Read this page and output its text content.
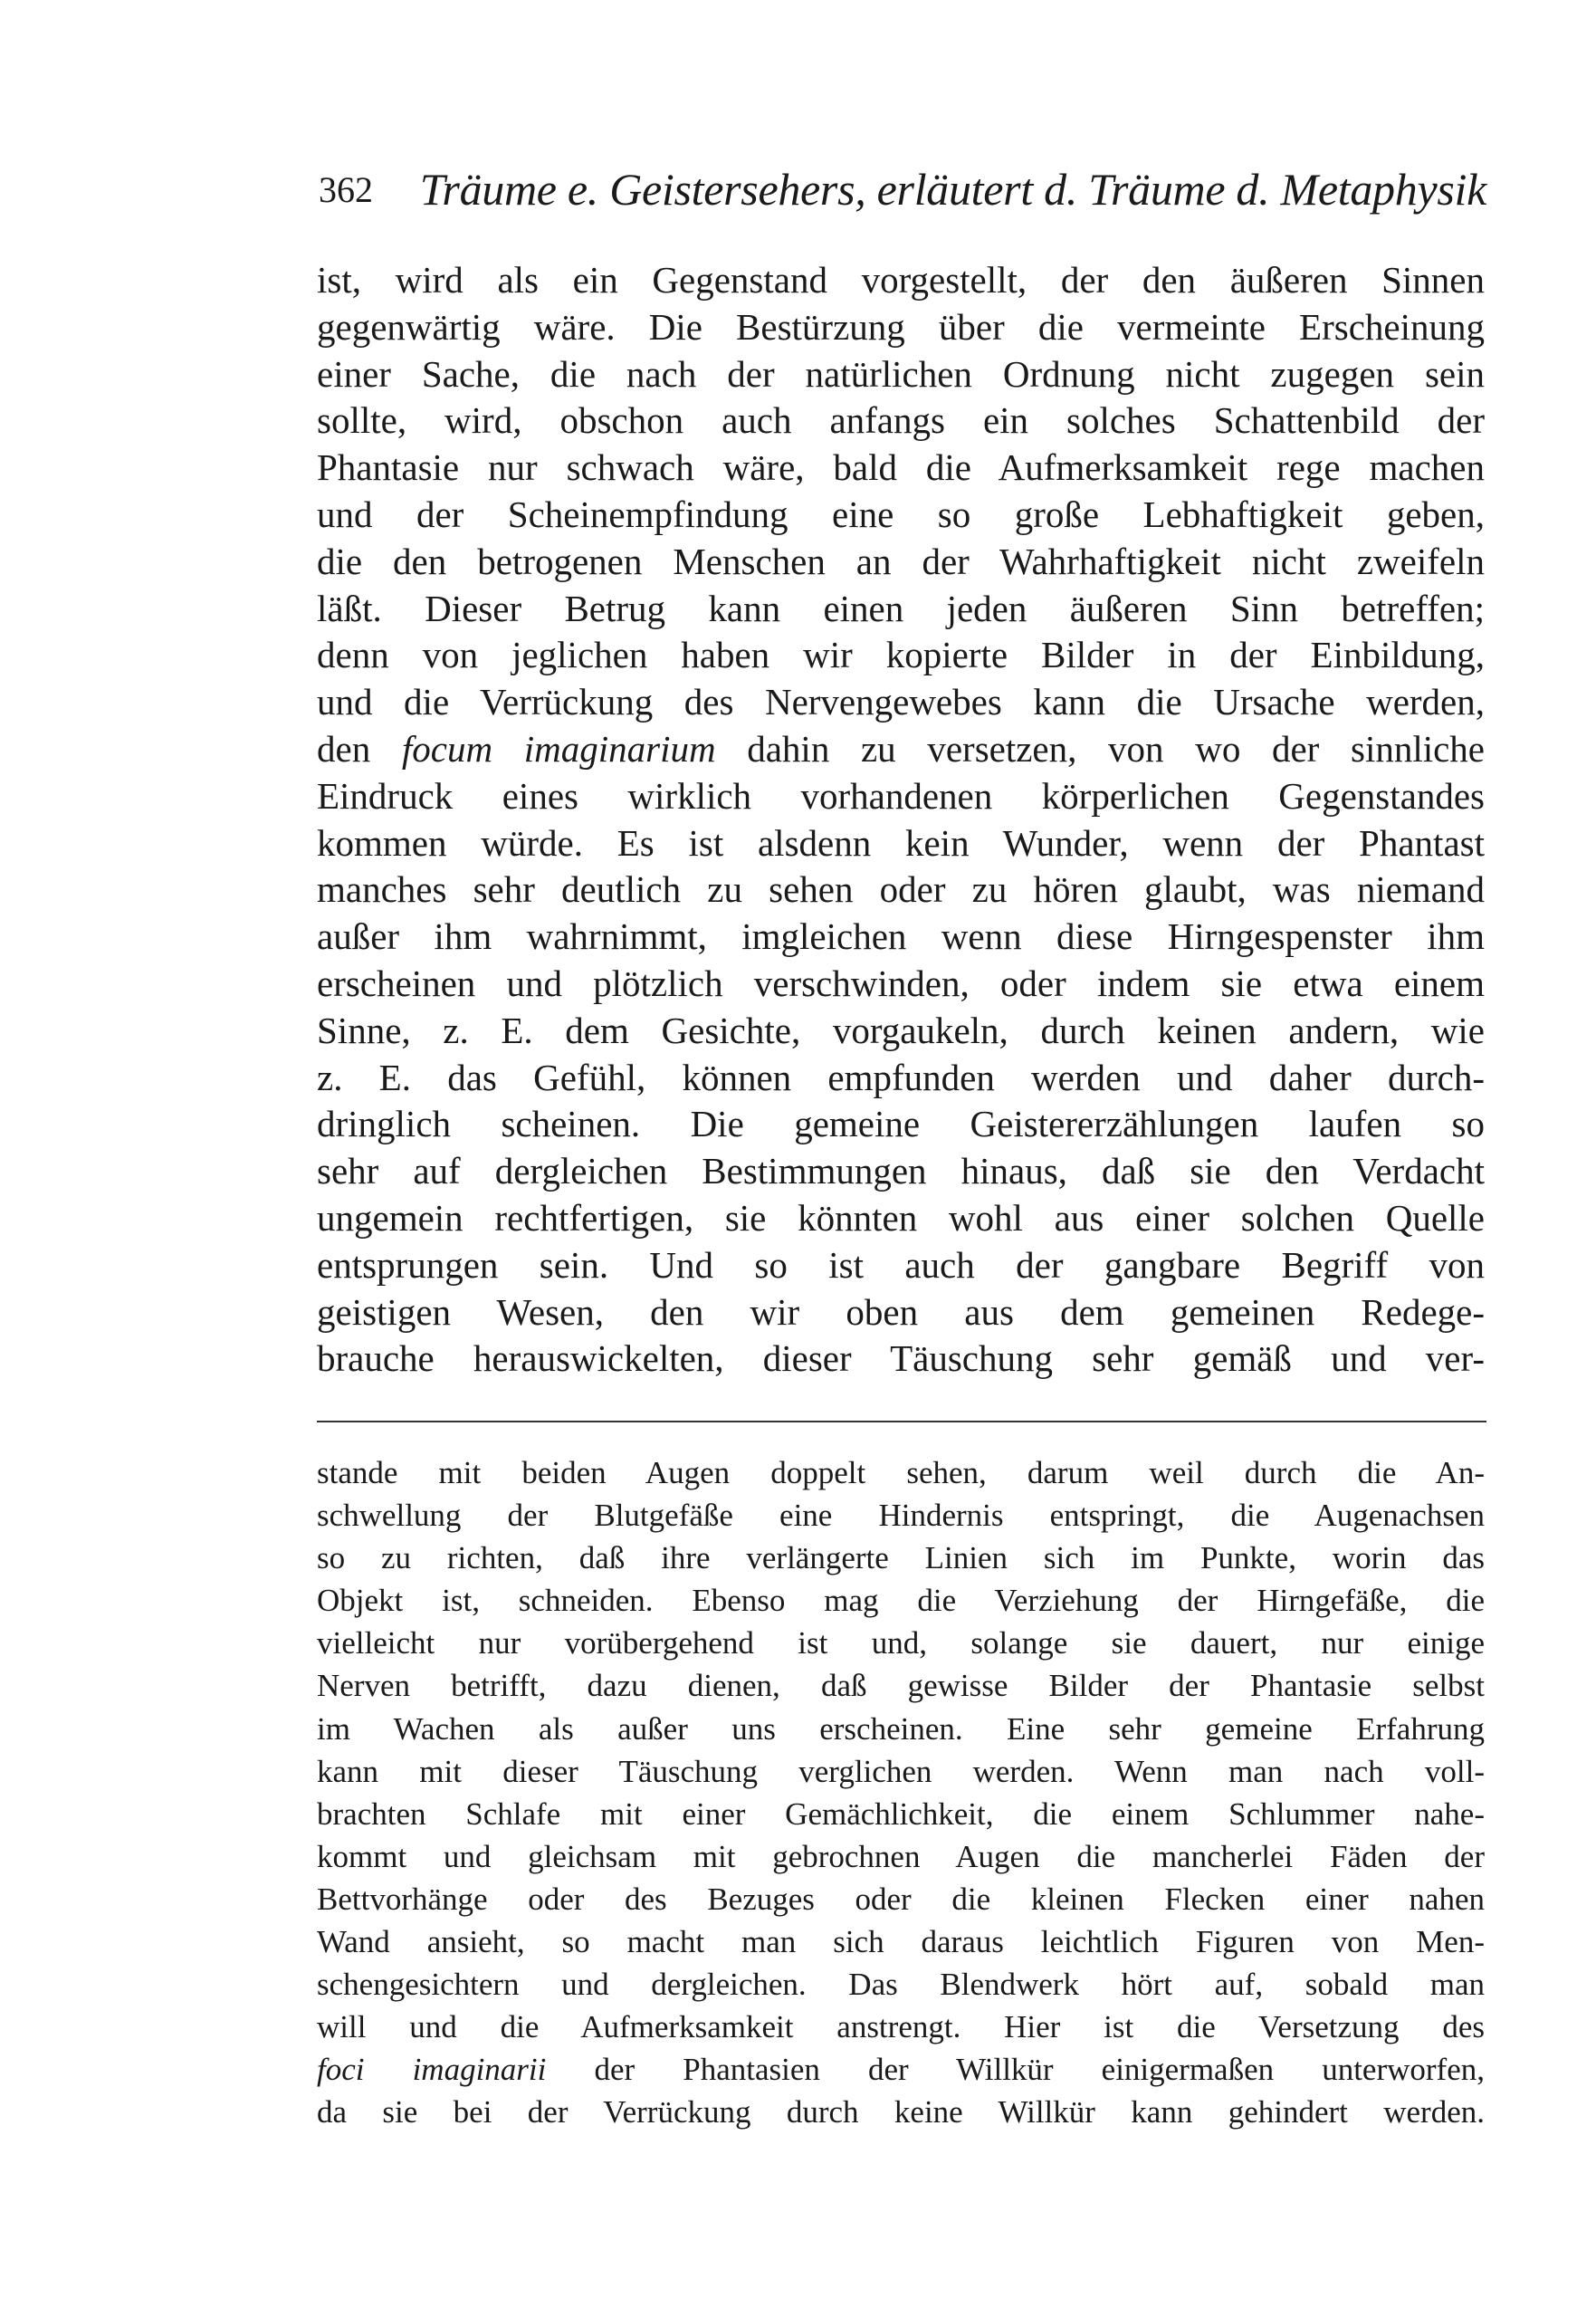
362	Träume e. Geistersehers, erläutert d. Träume d. Metaphysik
ist, wird als ein Gegenstand vorgestellt, der den äußeren Sinnen
gegenwärtig wäre. Die Bestürzung über die vermeinte Erscheinung
einer Sache, die nach der natürlichen Ordnung nicht zugegen sein
sollte, wird, obschon auch anfangs ein solches Schattenbild der
Phantasie nur schwach wäre, bald die Aufmerksamkeit rege machen
und der Scheinempfindung eine so große Lebhaftigkeit geben,
die den betrogenen Menschen an der Wahrhaftigkeit nicht zweifeln
läßt. Dieser Betrug kann einen jeden äußeren Sinn betreffen;
denn von jeglichen haben wir kopierte Bilder in der Einbildung,
und die Verrückung des Nervengewebes kann die Ursache werden,
den focum imaginarium dahin zu versetzen, von wo der sinnliche
Eindruck eines wirklich vorhandenen körperlichen Gegenstandes
kommen würde. Es ist alsdenn kein Wunder, wenn der Phantast
manches sehr deutlich zu sehen oder zu hören glaubt, was niemand
außer ihm wahrnimmt, imgleichen wenn diese Hirngespenster ihm
erscheinen und plötzlich verschwinden, oder indem sie etwa einem
Sinne, z. E. dem Gesichte, vorgaukeln, durch keinen andern, wie
z. E. das Gefühl, können empfunden werden und daher durch-
dringlich scheinen. Die gemeine Geistererzählungen laufen so
sehr auf dergleichen Bestimmungen hinaus, daß sie den Verdacht
ungemein rechtfertigen, sie könnten wohl aus einer solchen Quelle
entsprungen sein. Und so ist auch der gangbare Begriff von
geistigen Wesen, den wir oben aus dem gemeinen Redege-
brauche herauswickelten, dieser Täuschung sehr gemäß und ver-
stande mit beiden Augen doppelt sehen, darum weil durch die An-
schwellung der Blutgefäße eine Hindernis entspringt, die Augenachsen
so zu richten, daß ihre verlängerte Linien sich im Punkte, worin das
Objekt ist, schneiden. Ebenso mag die Verziehung der Hirngefäße, die
vielleicht nur vorübergehend ist und, solange sie dauert, nur einige
Nerven betrifft, dazu dienen, daß gewisse Bilder der Phantasie selbst
im Wachen als außer uns erscheinen. Eine sehr gemeine Erfahrung
kann mit dieser Täuschung verglichen werden. Wenn man nach voll-
brachten Schlafe mit einer Gemächlichkeit, die einem Schlummer nahe-
kommt und gleichsam mit gebrochnen Augen die mancherlei Fäden der
Bettvorhänge oder des Bezuges oder die kleinen Flecken einer nahen
Wand ansieht, so macht man sich daraus leichtlich Figuren von Men-
schengesichtern und dergleichen. Das Blendwerk hört auf, sobald man
will und die Aufmerksamkeit anstrengt. Hier ist die Versetzung des
foci imaginarii der Phantasien der Willkür einigermaßen unterworfen,
da sie bei der Verrückung durch keine Willkür kann gehindert werden.
